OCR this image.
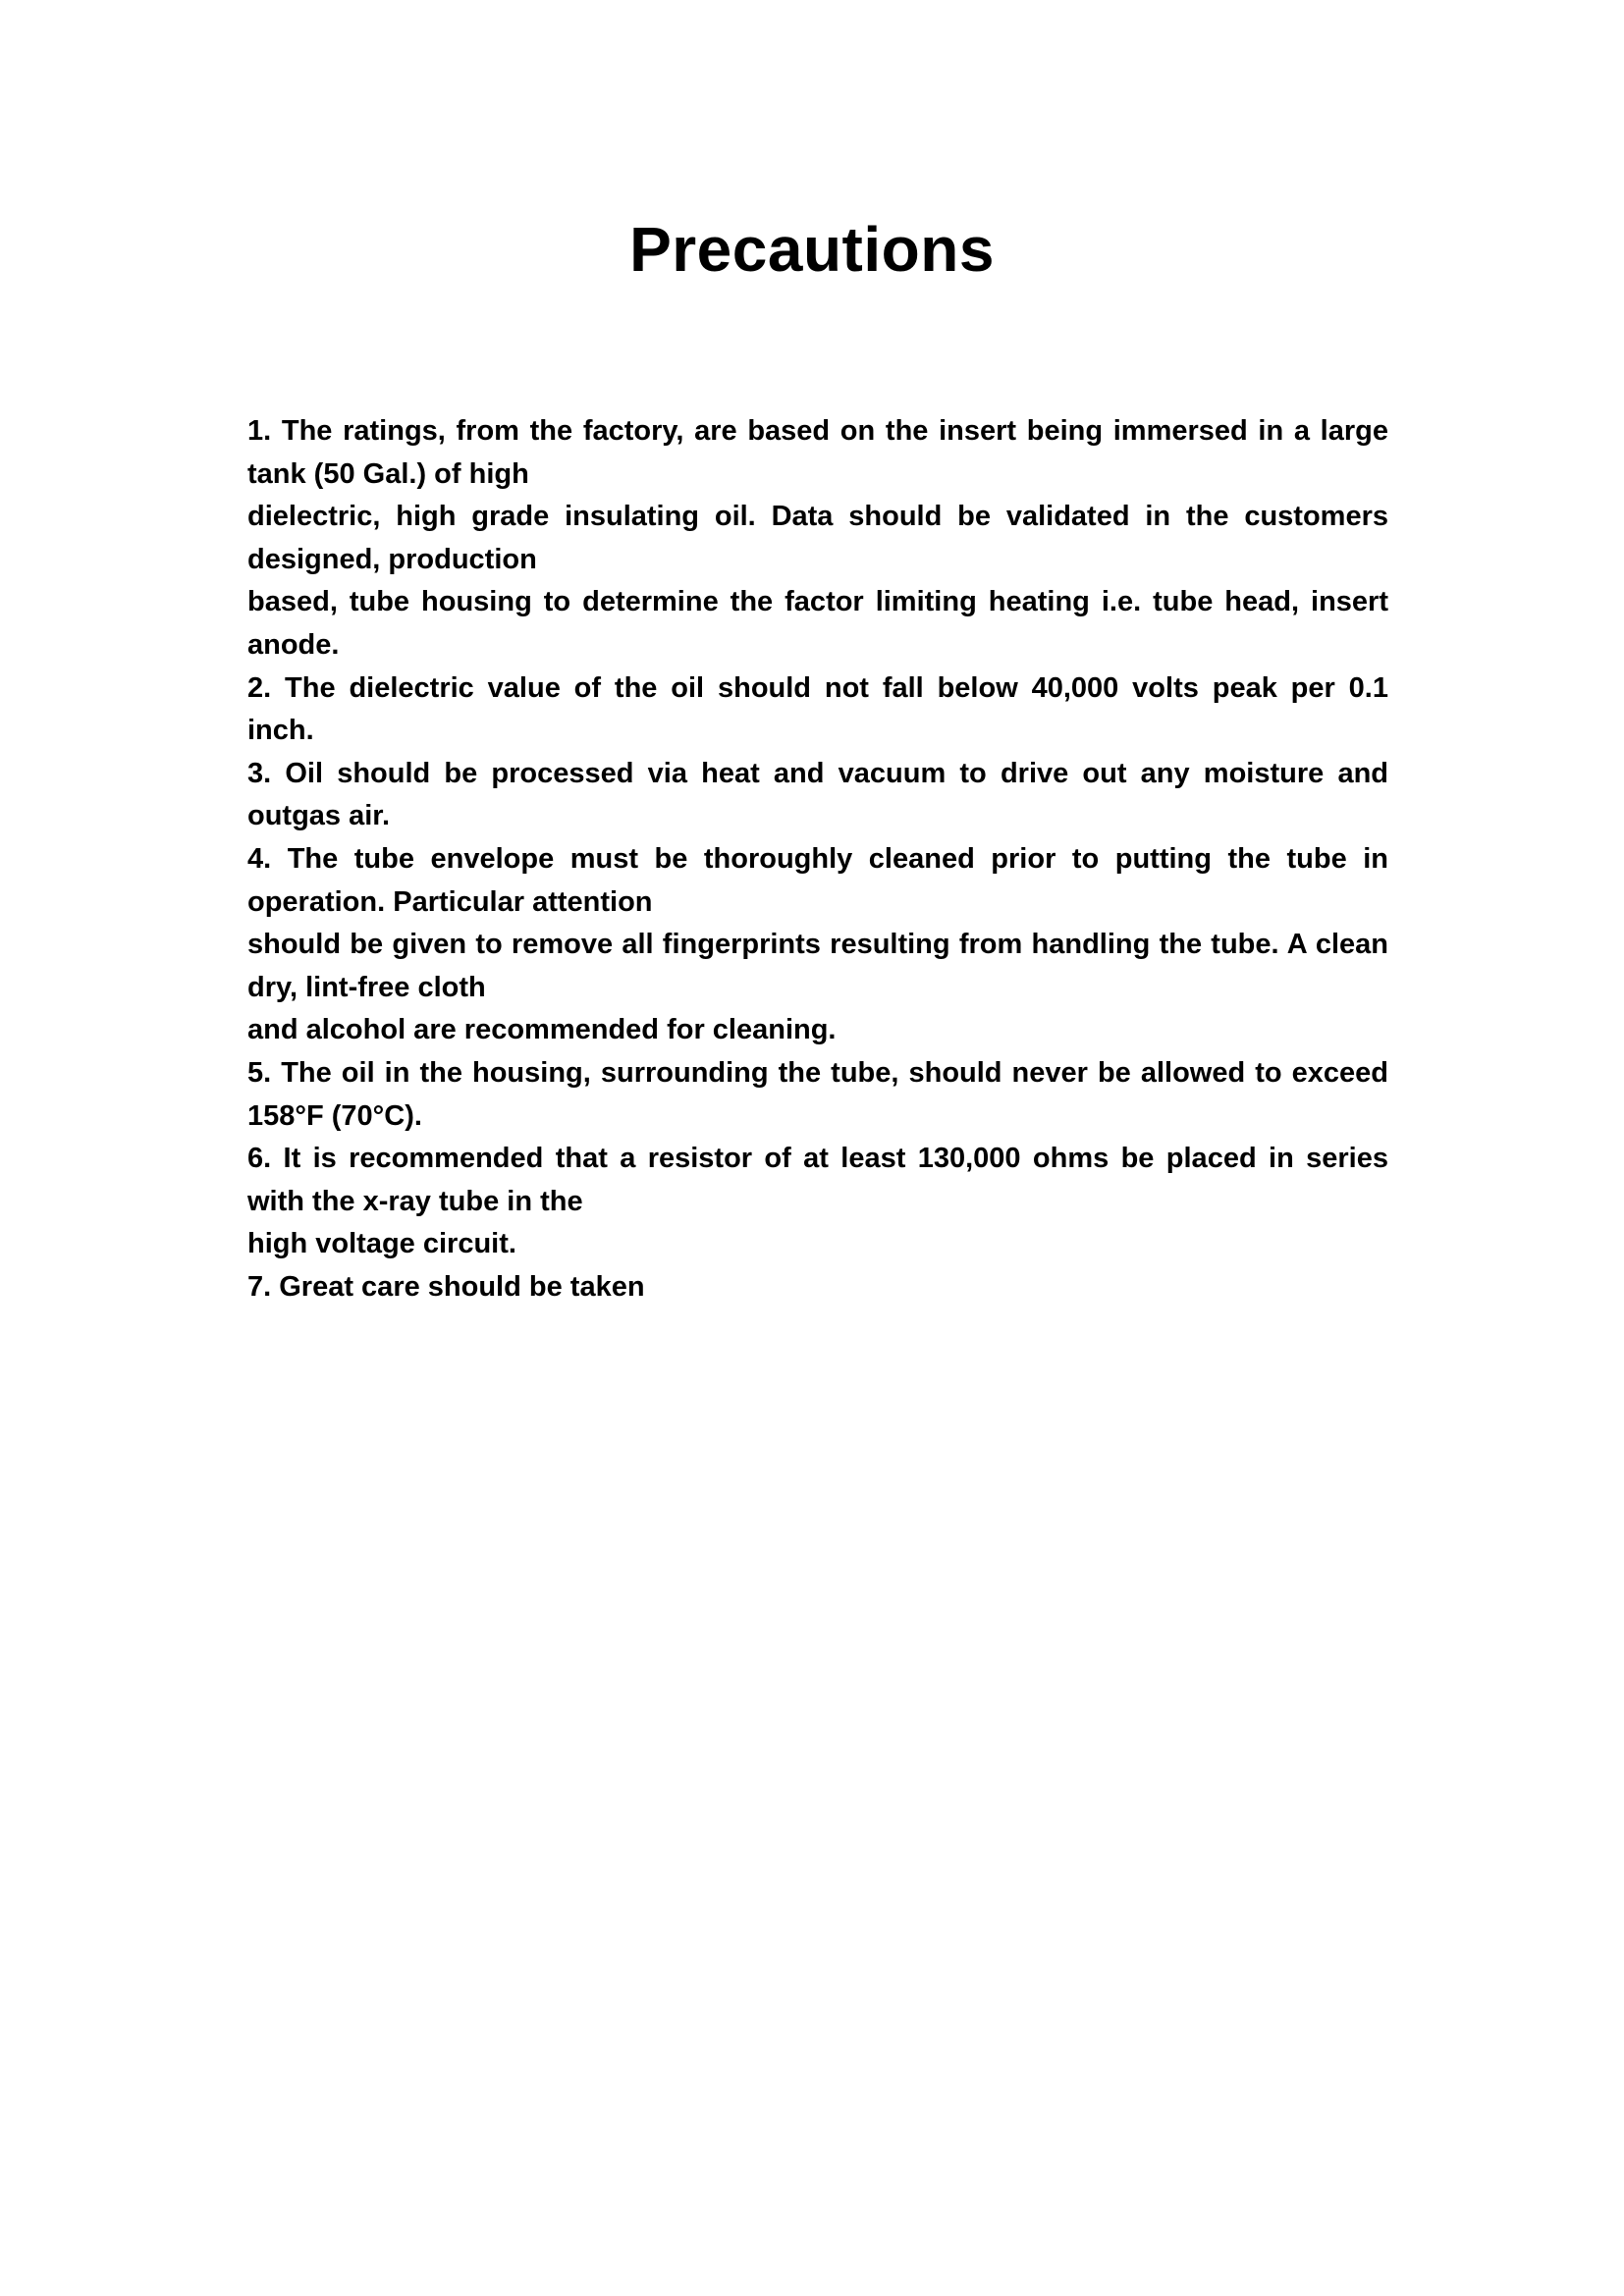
Precautions
1. The ratings, from the factory, are based on the insert being immersed in a large
tank (50 Gal.) of high
dielectric, high grade insulating oil. Data should be validated in the customers
designed, production
based, tube housing to determine the factor limiting heating i.e. tube head, insert
anode.
2. The dielectric value of the oil should not fall below 40,000 volts peak per 0.1
inch.
3. Oil should be processed via heat and vacuum to drive out any moisture and
outgas air.
4. The tube envelope must be thoroughly cleaned prior to putting the tube in
operation. Particular attention
should be given to remove all fingerprints resulting from handling the tube. A clean
dry, lint-free cloth
and alcohol are recommended for cleaning.
5. The oil in the housing, surrounding the tube, should never be allowed to exceed
158°F (70°C).
6. It is recommended that a resistor of at least 130,000 ohms be placed in series
with the x-ray tube in the
high voltage circuit.
7. Great care should be taken
